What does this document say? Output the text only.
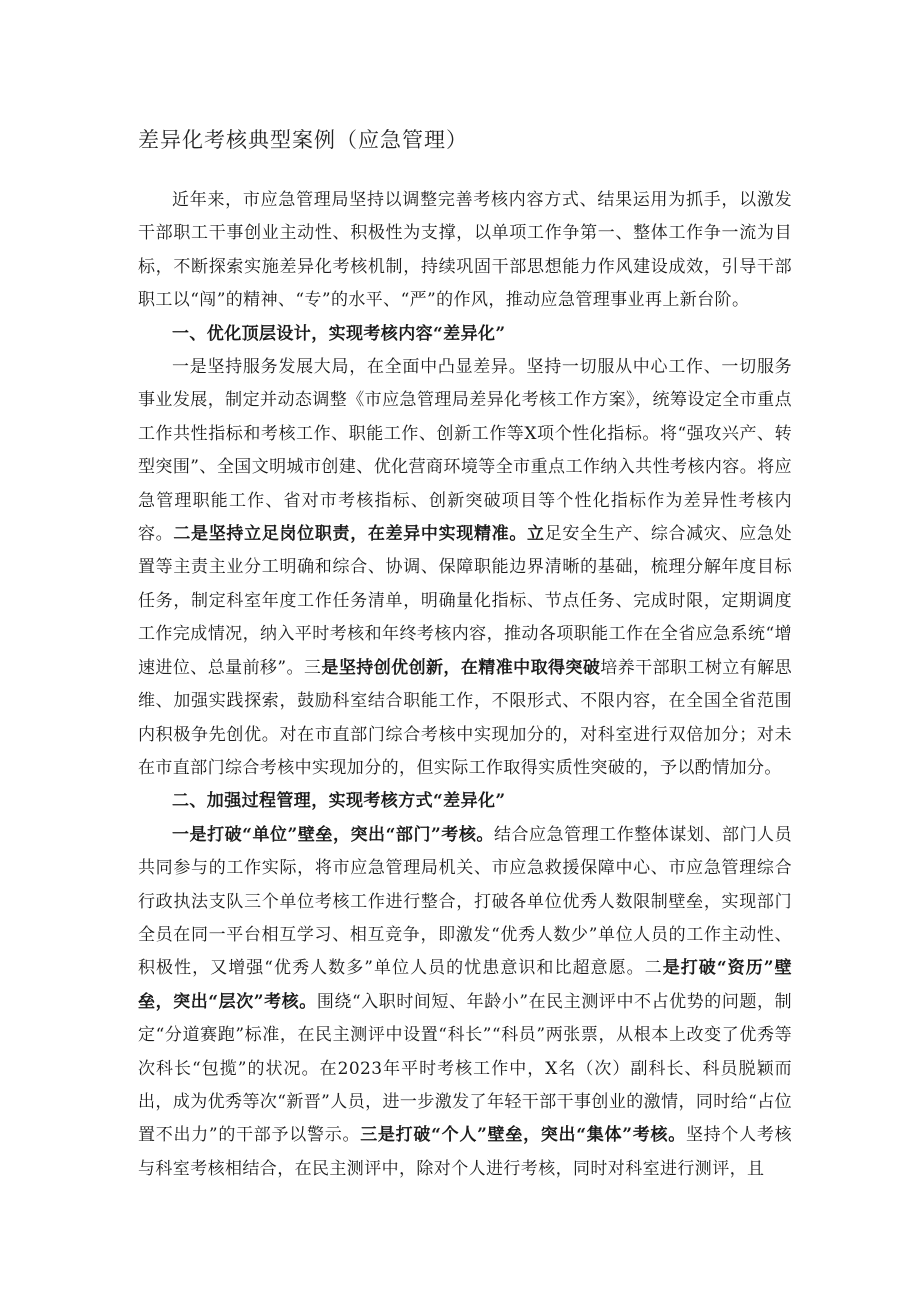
差异化考核典型案例（应急管理）

近年来，市应急管理局坚持以调整完善考核内容方式、结果运用为抓手，以激发干部职工干事创业主动性、积极性为支撑，以单项工作争第一、整体工作争一流为目标，不断探索实施差异化考核机制，持续巩固干部思想能力作风建设成效，引导干部职工以“闯”的精神、“专”的水平、“严”的作风，推动应急管理事业再上新台阶。

一、优化顶层设计，实现考核内容“差异化”

一是坚持服务发展大局，在全面中凸显差异。坚持一切服从中心工作、一切服务事业发展，制定并动态调整《市应急管理局差异化考核工作方案》，统筹设定全市重点工作共性指标和考核工作、职能工作、创新工作等X项个性化指标。将“强攻兴产、转型突围”、全国文明城市创建、优化营商环境等全市重点工作纳入共性考核内容。将应急管理职能工作、省对市考核指标、创新突破项目等个性化指标作为差异性考核内容。二是坚持立足岗位职责，在差异中实现精准。立足安全生产、综合减灾、应急处置等主责主业分工明确和综合、协调、保障职能边界清晰的基础，梳理分解年度目标任务，制定科室年度工作任务清单，明确量化指标、节点任务、完成时限，定期调度工作完成情况，纳入平时考核和年终考核内容，推动各项职能工作在全省应急系统“增速进位、总量前移”。三是坚持创优创新，在精准中取得突破培养干部职工树立有解思维、加强实践探索，鼓励科室结合职能工作，不限形式、不限内容，在全国全省范围内积极争先创优。对在市直部门综合考核中实现加分的，对科室进行双倍加分；对未在市直部门综合考核中实现加分的，但实际工作取得实质性突破的，予以酌情加分。

二、加强过程管理，实现考核方式“差异化”

一是打破“单位”壁垒，突出“部门”考核。结合应急管理工作整体谋划、部门人员共同参与的工作实际，将市应急管理局机关、市应急救援保障中心、市应急管理综合行政执法支队三个单位考核工作进行整合，打破各单位优秀人数限制壁垒，实现部门全员在同一平台相互学习、相互竞争，即激发“优秀人数少”单位人员的工作主动性、积极性，又增强“优秀人数多”单位人员的忧患意识和比超意愿。二是打破“资历”壁垒，突出“层次”考核。围绕“入职时间短、年龄小”在民主测评中不占优势的问题，制定“分道赛跑”标准，在民主测评中设置“科长”“科员”两张票，从根本上改变了优秀等次科长“包揽”的状况。在2023年平时考核工作中，X名（次）副科长、科员脱颖而出，成为优秀等次“新晋”人员，进一步激发了年轻干部干事创业的激情，同时给“占位置不出力”的干部予以警示。三是打破“个人”壁垒，突出“集体”考核。坚持个人考核与科室考核相结合，在民主测评中，除对个人进行考核，同时对科室进行测评，且
